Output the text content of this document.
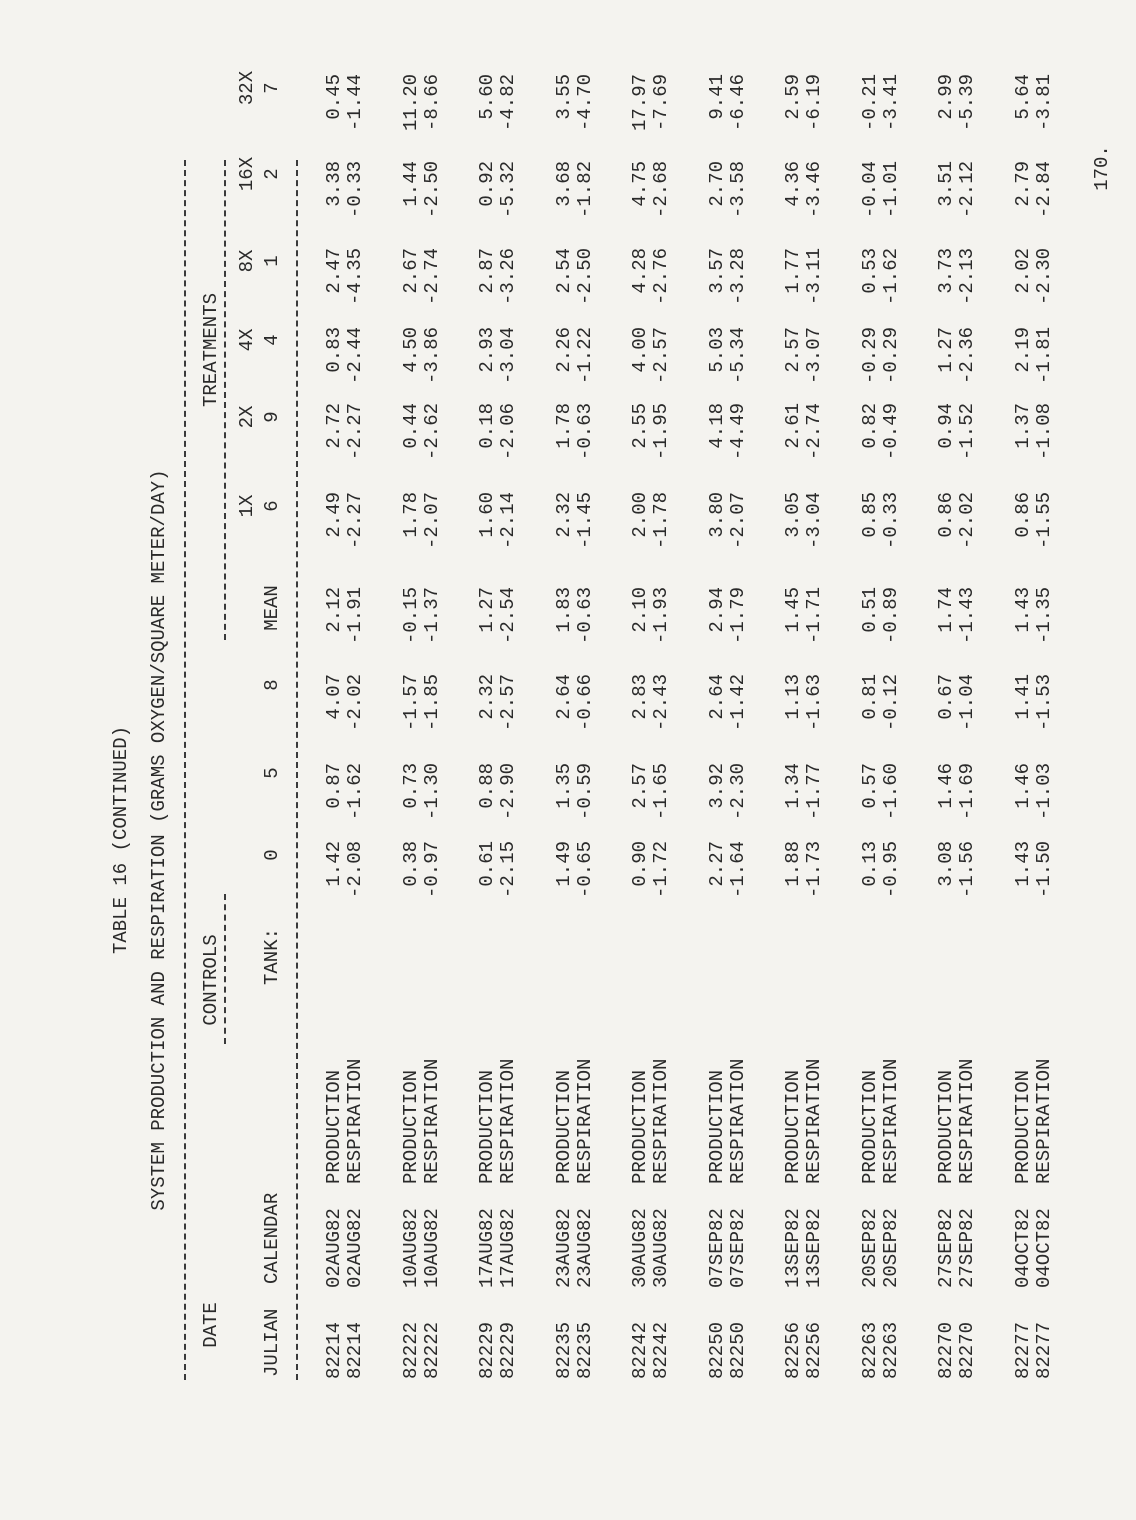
170.
TABLE 16 (CONTINUED) SYSTEM PRODUCTION AND RESPIRATION (GRAMS OXYGEN/SQUARE METER/DAY)
DATE
CONTROLS
TREATMENTS
1X
2X
4X
8X
16X
32X
JULIAN
CALENDAR
TANK:
0
5
8
MEAN
6
9
4
1
2
7
82214
02AUG82
PRODUCTION
1.42
0.87
4.07
2.12
2.49
2.72
0.83
2.47
3.38
0.45
82214
02AUG82
RESPIRATION
-2.08
-1.62
-2.02
-1.91
-2.27
-2.27
-2.44
-4.35
-0.33
-1.44
82222
10AUG82
PRODUCTION
0.38
0.73
-1.57
-0.15
1.78
0.44
4.50
2.67
1.44
11.20
82222
10AUG82
RESPIRATION
-0.97
-1.30
-1.85
-1.37
-2.07
-2.62
-3.86
-2.74
-2.50
-8.66
82229
17AUG82
PRODUCTION
0.61
0.88
2.32
1.27
1.60
0.18
2.93
2.87
0.92
5.60
82229
17AUG82
RESPIRATION
-2.15
-2.90
-2.57
-2.54
-2.14
-2.06
-3.04
-3.26
-5.32
-4.82
82235
23AUG82
PRODUCTION
1.49
1.35
2.64
1.83
2.32
1.78
2.26
2.54
3.68
3.55
82235
23AUG82
RESPIRATION
-0.65
-0.59
-0.66
-0.63
-1.45
-0.63
-1.22
-2.50
-1.82
-4.70
82242
30AUG82
PRODUCTION
0.90
2.57
2.83
2.10
2.00
2.55
4.00
4.28
4.75
17.97
82242
30AUG82
RESPIRATION
-1.72
-1.65
-2.43
-1.93
-1.78
-1.95
-2.57
-2.76
-2.68
-7.69
82250
07SEP82
PRODUCTION
2.27
3.92
2.64
2.94
3.80
4.18
5.03
3.57
2.70
9.41
82250
07SEP82
RESPIRATION
-1.64
-2.30
-1.42
-1.79
-2.07
-4.49
-5.34
-3.28
-3.58
-6.46
82256
13SEP82
PRODUCTION
1.88
1.34
1.13
1.45
3.05
2.61
2.57
1.77
4.36
2.59
82256
13SEP82
RESPIRATION
-1.73
-1.77
-1.63
-1.71
-3.04
-2.74
-3.07
-3.11
-3.46
-6.19
82263
20SEP82
PRODUCTION
0.13
0.57
0.81
0.51
0.85
0.82
-0.29
0.53
-0.04
-0.21
82263
20SEP82
RESPIRATION
-0.95
-1.60
-0.12
-0.89
-0.33
-0.49
-0.29
-1.62
-1.01
-3.41
82270
27SEP82
PRODUCTION
3.08
1.46
0.67
1.74
0.86
0.94
1.27
3.73
3.51
2.99
82270
27SEP82
RESPIRATION
-1.56
-1.69
-1.04
-1.43
-2.02
-1.52
-2.36
-2.13
-2.12
-5.39
82277
04OCT82
PRODUCTION
1.43
1.46
1.41
1.43
0.86
1.37
2.19
2.02
2.79
5.64
82277
04OCT82
RESPIRATION
-1.50
-1.03
-1.53
-1.35
-1.55
-1.08
-1.81
-2.30
-2.84
-3.81
